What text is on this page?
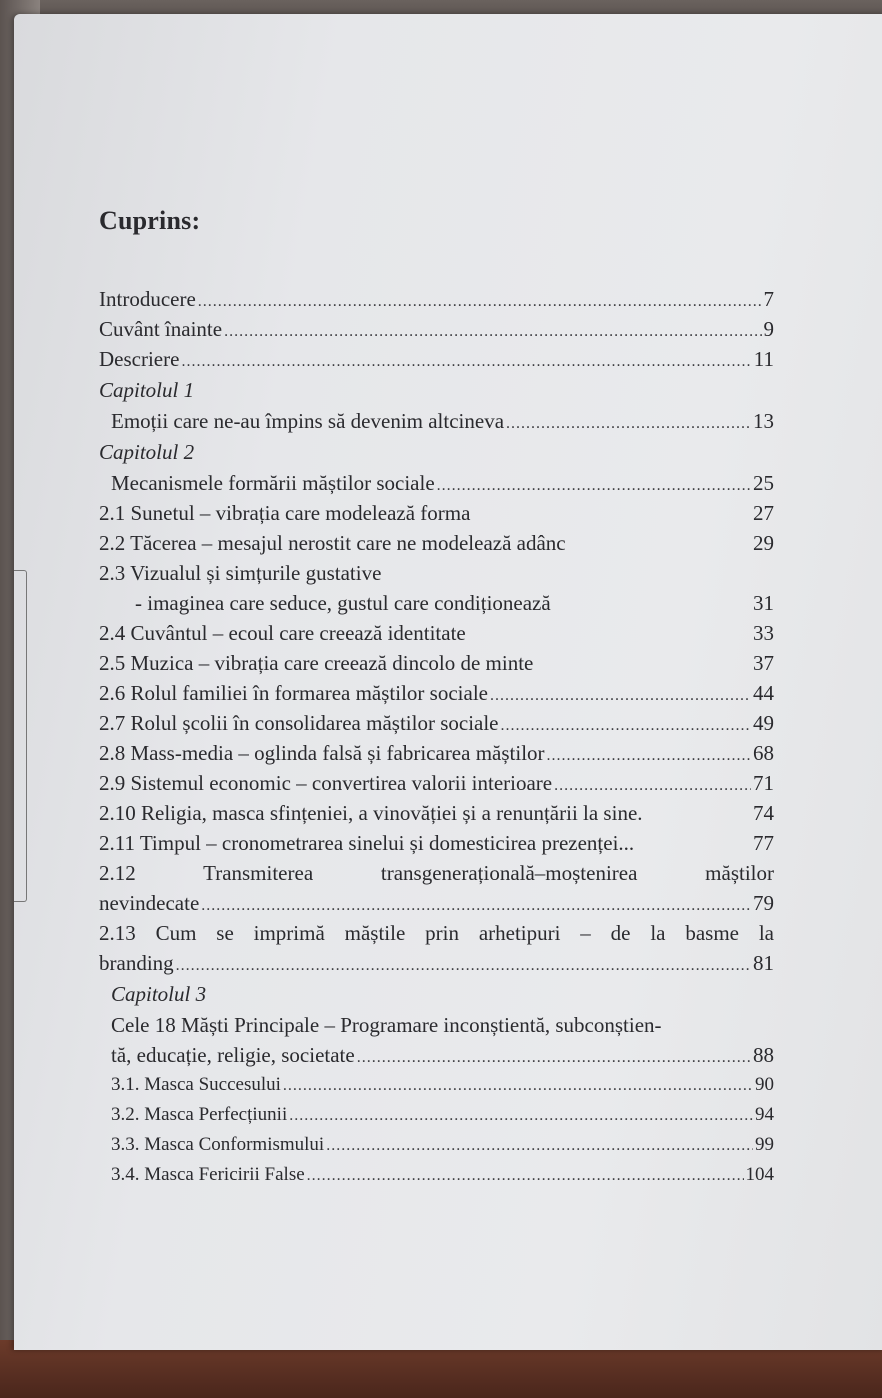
Cuprins:
Introducere .....	7
Cuvânt înainte .....	9
Descriere .....	11
Capitolul 1
Emoții care ne-au împins să devenim altcineva .....	13
Capitolul 2
Mecanismele formării măștilor sociale .....	25
2.1 Sunetul – vibrația care modelează forma	27
2.2 Tăcerea – mesajul nerostit care ne modelează adânc	29
2.3 Vizualul și simțurile gustative
- imaginea care seduce, gustul care condiționează	31
2.4 Cuvântul – ecoul care creează identitate	33
2.5 Muzica – vibrația care creează dincolo de minte	37
2.6 Rolul familiei în formarea măștilor sociale .....	44
2.7 Rolul școlii în consolidarea măștilor sociale .....	49
2.8 Mass-media – oglinda falsă și fabricarea măștilor .....	68
2.9 Sistemul economic – convertirea valorii interioare .....	71
2.10 Religia, masca sfințeniei, a vinovăției și a renunțării la sine.	74
2.11 Timpul – cronometrarea sinelui și domesticirea prezenței...	77
2.12 Transmiterea transgenerațională–moștenirea măștilor
nevindecate .....	79
2.13 Cum se imprimă măștile prin arhetipuri – de la basme la
branding .....	81
Capitolul 3
Cele 18 Măști Principale – Programare inconștientă, subconștien-
tă, educație, religie, societate .....	88
3.1. Masca Succesului .....	90
3.2. Masca Perfecțiunii .....	94
3.3. Masca Conformismului .....	99
3.4. Masca Fericirii False .....	104
